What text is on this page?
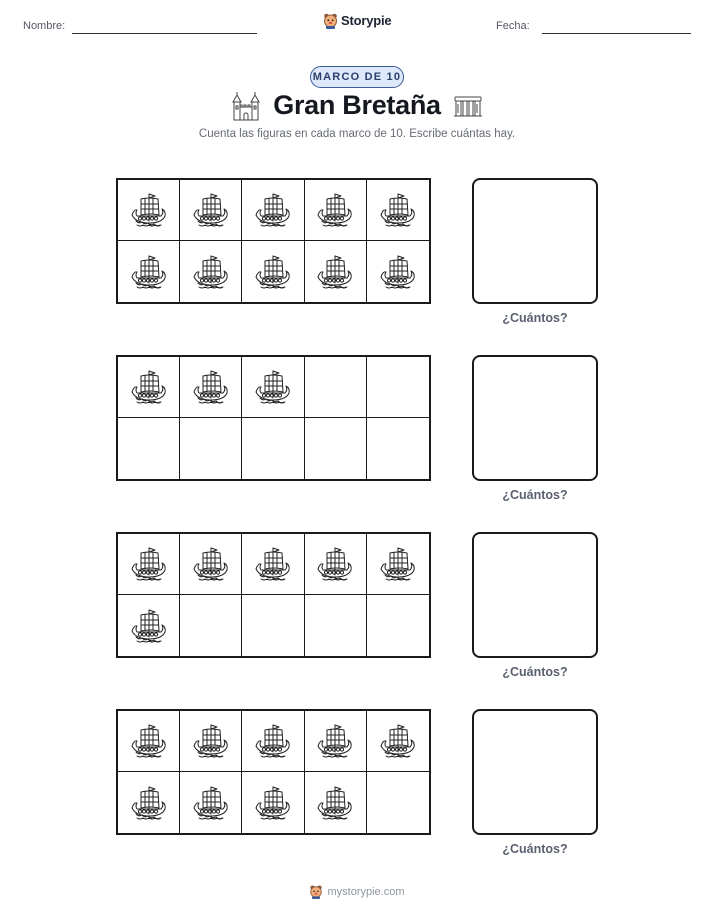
Nombre:	Storypie	Fecha:
MARCO DE 10
Gran Bretaña
Cuenta las figuras en cada marco de 10. Escribe cuántas hay.
¿Cuántos?
¿Cuántos?
¿Cuántos?
¿Cuántos?
mystorypie.com
